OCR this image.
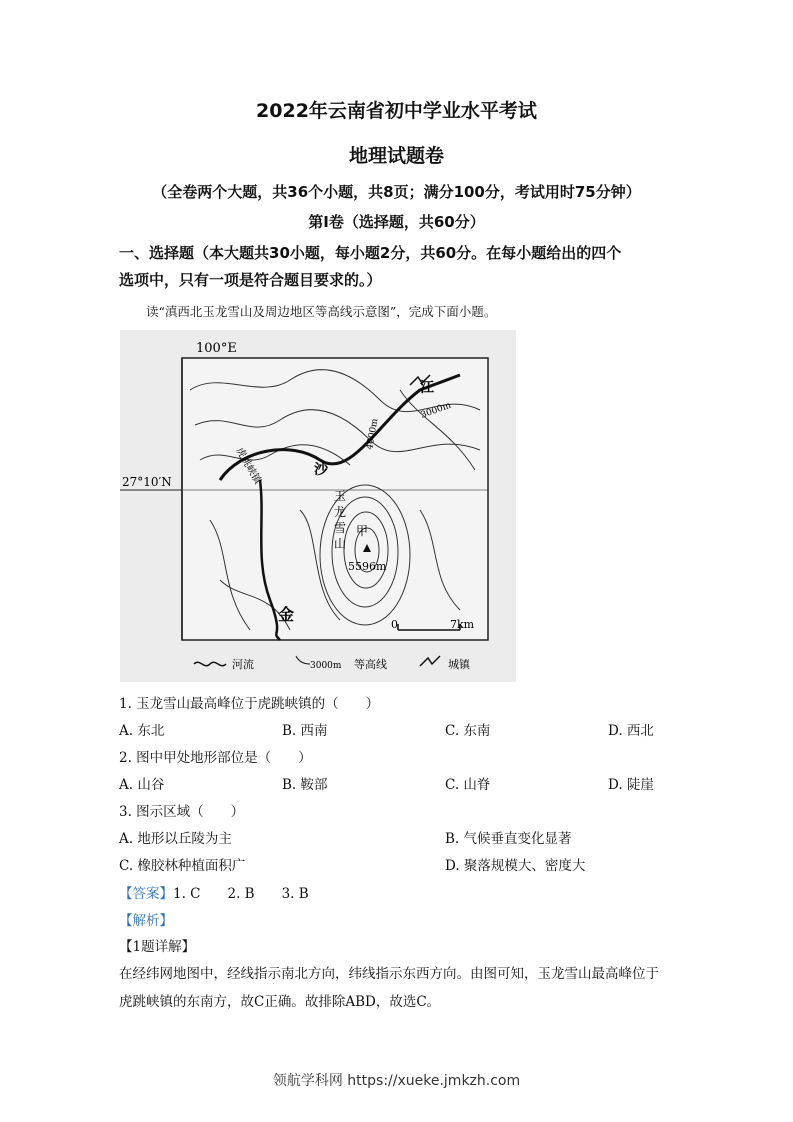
2022年云南省初中学业水平考试
地理试题卷
（全卷两个大题，共36个小题，共8页；满分100分，考试用时75分钟）
第Ⅰ卷（选择题，共60分）
一、选择题（本大题共30小题，每小题2分，共60分。在每小题给出的四个
选项中，只有一项是符合题目要求的。）
读“滇西北玉龙雪山及周边地区等高线示意图”，完成下面小题。
100°E
27°10′N
5596m
甲
玉
龙
雪
山
金
江
沙
虎跳峡镇
4000m
3000m
0	7km
河流	3000m 等高线	城镇
1. 玉龙雪山最高峰位于虎跳峡镇的（　　）
A. 东北	B. 西南	C. 东南	D. 西北
2. 图中甲处地形部位是（　　）
A. 山谷	B. 鞍部	C. 山脊	D. 陡崖
3. 图示区域（　　）
A. 地形以丘陵为主	B. 气候垂直变化显著
C. 橡胶林种植面积广	D. 聚落规模大、密度大
【答案】1. C　　2. B　　3. B
【解析】
【1题详解】
在经纬网地图中，经线指示南北方向，纬线指示东西方向。由图可知，玉龙雪山最高峰位于
虎跳峡镇的东南方，故C正确。故排除ABD，故选C。
领航学科网 https://xueke.jmkzh.com
